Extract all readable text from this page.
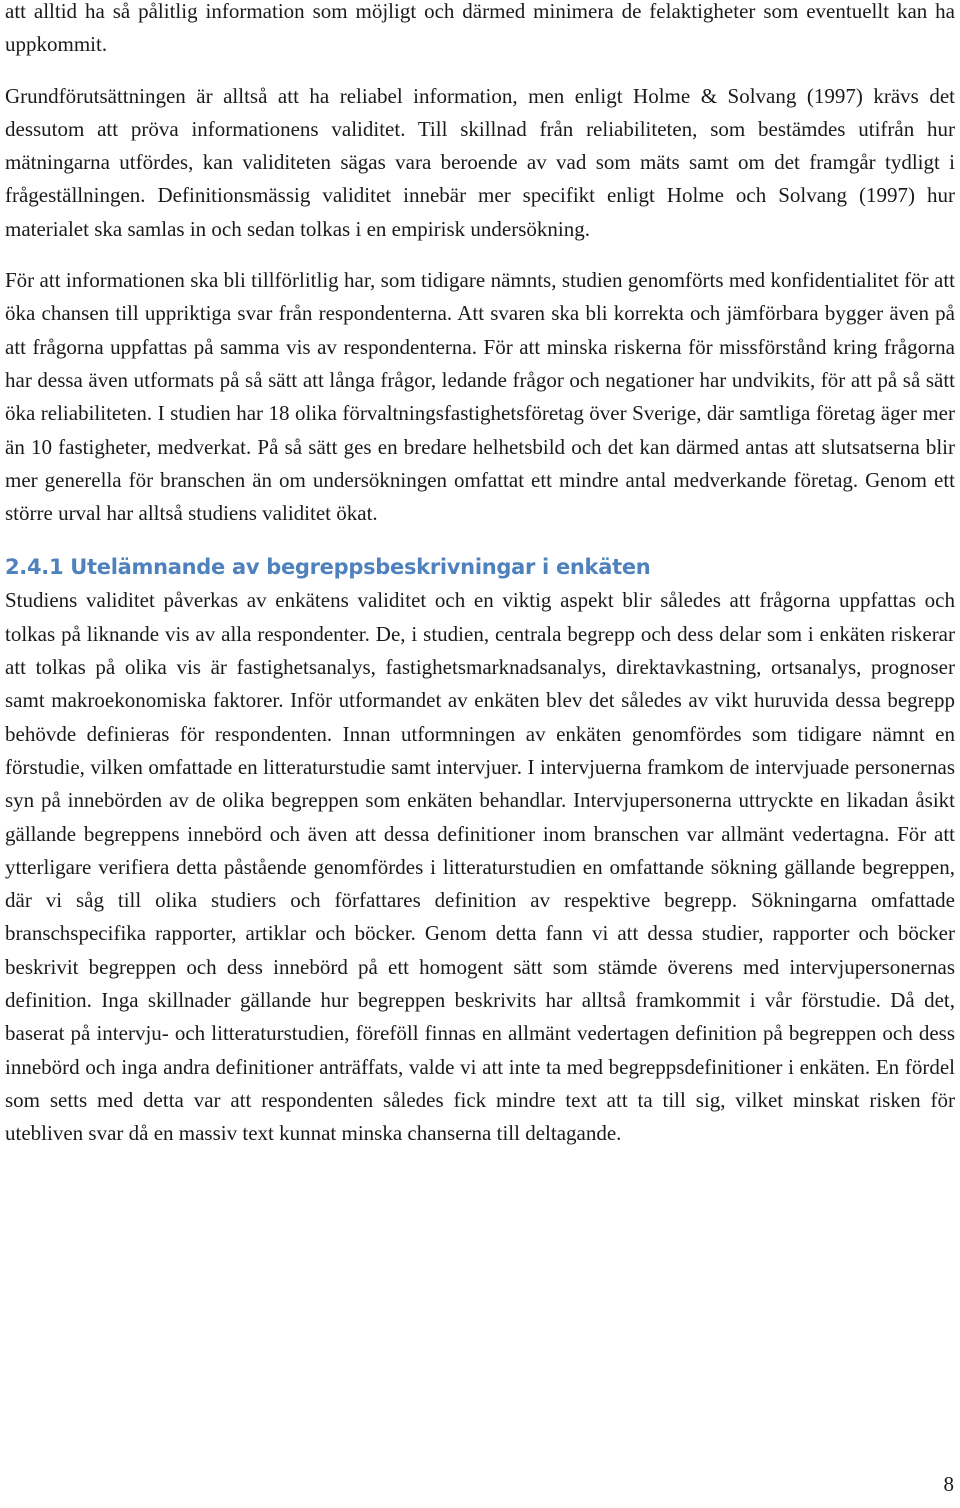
att alltid ha så pålitlig information som möjligt och därmed minimera de felaktigheter som eventuellt kan ha uppkommit.

Grundförutsättningen är alltså att ha reliabel information, men enligt Holme & Solvang (1997) krävs det dessutom att pröva informationens validitet. Till skillnad från reliabiliteten, som bestämdes utifrån hur mätningarna utfördes, kan validiteten sägas vara beroende av vad som mäts samt om det framgår tydligt i frågeställningen. Definitionsmässig validitet innebär mer specifikt enligt Holme och Solvang (1997) hur materialet ska samlas in och sedan tolkas i en empirisk undersökning.

För att informationen ska bli tillförlitlig har, som tidigare nämnts, studien genomförts med konfidentialitet för att öka chansen till uppriktiga svar från respondenterna. Att svaren ska bli korrekta och jämförbara bygger även på att frågorna uppfattas på samma vis av respondenterna. För att minska riskerna för missförstånd kring frågorna har dessa även utformats på så sätt att långa frågor, ledande frågor och negationer har undvikits, för att på så sätt öka reliabiliteten. I studien har 18 olika förvaltningsfastighetsföretag över Sverige, där samtliga företag äger mer än 10 fastigheter, medverkat. På så sätt ges en bredare helhetsbild och det kan därmed antas att slutsatserna blir mer generella för branschen än om undersökningen omfattat ett mindre antal medverkande företag. Genom ett större urval har alltså studiens validitet ökat.

2.4.1 Utelämnande av begreppsbeskrivningar i enkäten

Studiens validitet påverkas av enkätens validitet och en viktig aspekt blir således att frågorna uppfattas och tolkas på liknande vis av alla respondenter. De, i studien, centrala begrepp och dess delar som i enkäten riskerar att tolkas på olika vis är fastighetsanalys, fastighetsmarknadsanalys, direktavkastning, ortsanalys, prognoser samt makroekonomiska faktorer. Inför utformandet av enkäten blev det således av vikt huruvida dessa begrepp behövde definieras för respondenten. Innan utformningen av enkäten genomfördes som tidigare nämnt en förstudie, vilken omfattade en litteraturstudie samt intervjuer. I intervjuerna framkom de intervjuade personernas syn på innebörden av de olika begreppen som enkäten behandlar. Intervjupersonerna uttryckte en likadan åsikt gällande begreppens innebörd och även att dessa definitioner inom branschen var allmänt vedertagna. För att ytterligare verifiera detta påstående genomfördes i litteraturstudien en omfattande sökning gällande begreppen, där vi såg till olika studiers och författares definition av respektive begrepp. Sökningarna omfattade branschspecifika rapporter, artiklar och böcker. Genom detta fann vi att dessa studier, rapporter och böcker beskrivit begreppen och dess innebörd på ett homogent sätt som stämde överens med intervjupersonernas definition. Inga skillnader gällande hur begreppen beskrivits har alltså framkommit i vår förstudie. Då det, baserat på intervju- och litteraturstudien, föreföll finnas en allmänt vedertagen definition på begreppen och dess innebörd och inga andra definitioner anträffats, valde vi att inte ta med begreppsdefinitioner i enkäten. En fördel som setts med detta var att respondenten således fick mindre text att ta till sig, vilket minskat risken för utebliven svar då en massiv text kunnat minska chanserna till deltagande.

8
